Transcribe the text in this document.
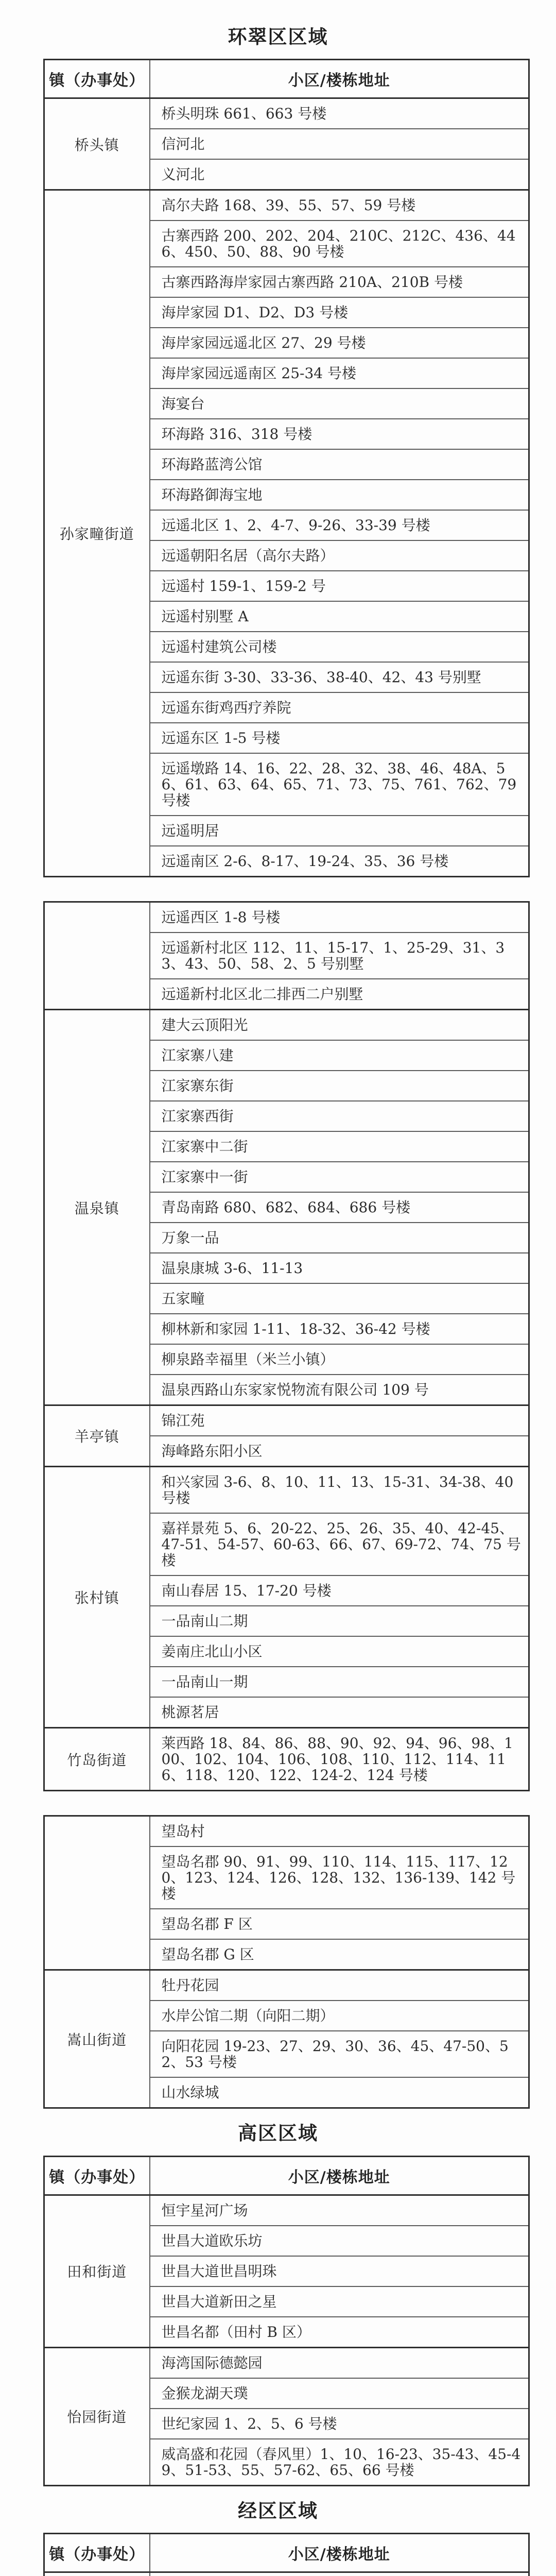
环翠区区域
镇（办事处）	小区/楼栋地址
桥头镇	桥头明珠 661、663 号楼
	信河北
	义河北
孙家疃街道	高尔夫路 168、39、55、57、59 号楼
	古寨西路 200、202、204、210C、212C、436、446、450、50、88、90 号楼
	古寨西路海岸家园古寨西路 210A、210B 号楼
	海岸家园 D1、D2、D3 号楼
	海岸家园远遥北区 27、29 号楼
	海岸家园远遥南区 25-34 号楼
	海宴台
	环海路 316、318 号楼
	环海路蓝湾公馆
	环海路御海宝地
	远遥北区 1、2、4-7、9-26、33-39 号楼
	远遥朝阳名居（高尔夫路）
	远遥村 159-1、159-2 号
	远遥村别墅 A
	远遥村建筑公司楼
	远遥东街 3-30、33-36、38-40、42、43 号别墅
	远遥东街鸡西疗养院
	远遥东区 1-5 号楼
	远遥墩路 14、16、22、28、32、38、46、48A、56、61、63、64、65、71、73、75、761、762、79 号楼
	远遥明居
	远遥南区 2-6、8-17、19-24、35、36 号楼
	远遥西区 1-8 号楼
	远遥新村北区 112、11、15-17、1、25-29、31、33、43、50、58、2、5 号别墅
	远遥新村北区北二排西二户别墅
温泉镇	建大云顶阳光
	江家寨八建
	江家寨东街
	江家寨西街
	江家寨中二街
	江家寨中一街
	青岛南路 680、682、684、686 号楼
	万象一品
	温泉康城 3-6、11-13
	五家疃
	柳林新和家园 1-11、18-32、36-42 号楼
	柳泉路幸福里（米兰小镇）
	温泉西路山东家家悦物流有限公司 109 号
羊亭镇	锦江苑
	海峰路东阳小区
张村镇	和兴家园 3-6、8、10、11、13、15-31、34-38、40 号楼
	嘉祥景苑 5、6、20-22、25、26、35、40、42-45、47-51、54-57、60-63、66、67、69-72、74、75 号楼
	南山春居 15、17-20 号楼
	一品南山二期
	姜南庄北山小区
	一品南山一期
	桃源茗居
竹岛街道	莱西路 18、84、86、88、90、92、94、96、98、100、102、104、106、108、110、112、114、116、118、120、122、124-2、124 号楼
	望岛村
	望岛名郡 90、91、99、110、114、115、117、120、123、124、126、128、132、136-139、142 号楼
	望岛名郡 F 区
	望岛名郡 G 区
嵩山街道	牡丹花园
	水岸公馆二期（向阳二期）
	向阳花园 19-23、27、29、30、36、45、47-50、52、53 号楼
	山水绿城
高区区域
镇（办事处）	小区/楼栋地址
田和街道	恒宇星河广场
	世昌大道欧乐坊
	世昌大道世昌明珠
	世昌大道新田之星
	世昌名都（田村 B 区）
怡园街道	海湾国际德懿园
	金猴龙湖天璞
	世纪家园 1、2、5、6 号楼
	威高盛和花园（春风里）1、10、16-23、35-43、45-49、51-53、55、57-62、65、66 号楼
经区区域
镇（办事处）	小区/楼栋地址
